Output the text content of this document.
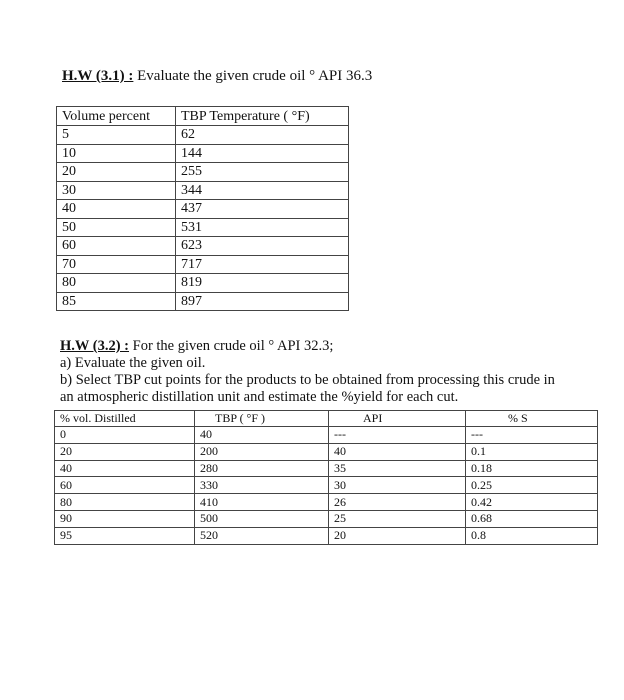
H.W (3.1) : Evaluate the given crude oil ° API 36.3
Volume percent	TBP Temperature ( °F)
5	62
10	144
20	255
30	344
40	437
50	531
60	623
70	717
80	819
85	897
H.W (3.2) : For the given crude oil ° API 32.3;
a) Evaluate the given oil.
b) Select TBP cut points for the products to be obtained from processing this crude in
an atmospheric distillation unit and estimate the %yield for each cut.
% vol. Distilled	TBP ( °F )	API	% S
0	40	---	---
20	200	40	0.1
40	280	35	0.18
60	330	30	0.25
80	410	26	0.42
90	500	25	0.68
95	520	20	0.8
